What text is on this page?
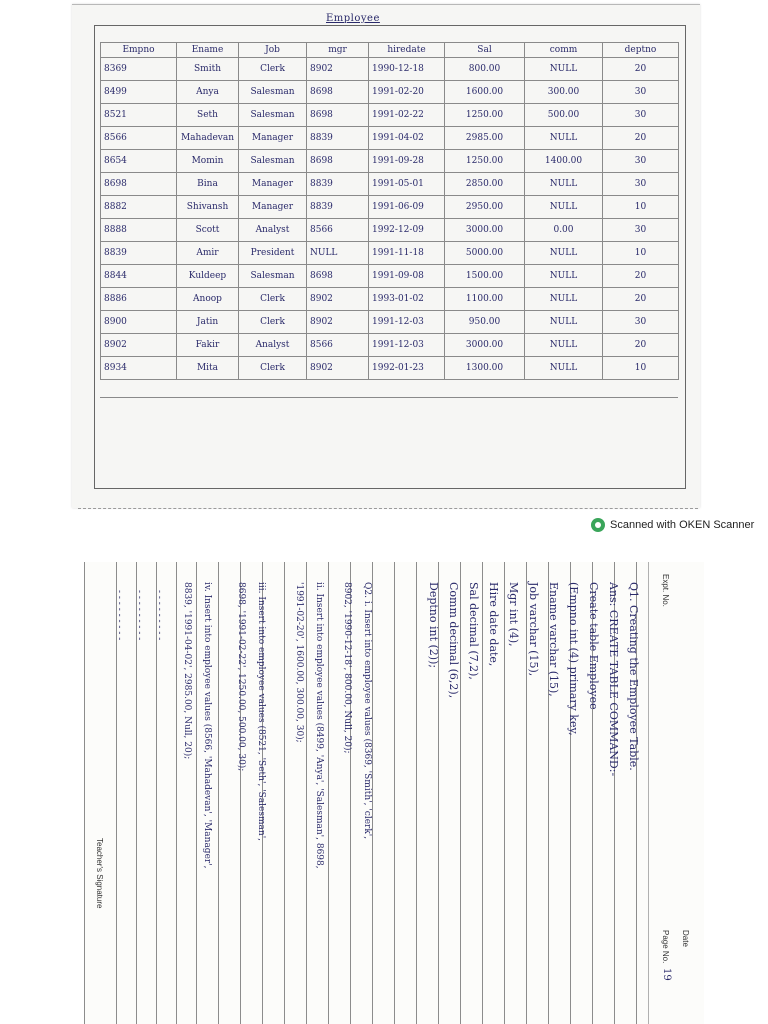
Employee
Empno	Ename	Job	mgr	hiredate	Sal	comm	deptno
8369	Smith	Clerk	8902	1990-12-18	800.00	NULL	20
8499	Anya	Salesman	8698	1991-02-20	1600.00	300.00	30
8521	Seth	Salesman	8698	1991-02-22	1250.00	500.00	30
8566	Mahadevan	Manager	8839	1991-04-02	2985.00	NULL	20
8654	Momin	Salesman	8698	1991-09-28	1250.00	1400.00	30
8698	Bina	Manager	8839	1991-05-01	2850.00	NULL	30
8882	Shivansh	Manager	8839	1991-06-09	2950.00	NULL	10
8888	Scott	Analyst	8566	1992-12-09	3000.00	0.00	30
8839	Amir	President	NULL	1991-11-18	5000.00	NULL	10
8844	Kuldeep	Salesman	8698	1991-09-08	1500.00	NULL	20
8886	Anoop	Clerk	8902	1993-01-02	1100.00	NULL	20
8900	Jatin	Clerk	8902	1991-12-03	950.00	NULL	30
8902	Fakir	Analyst	8566	1991-12-03	3000.00	NULL	20
8934	Mita	Clerk	8902	1992-01-23	1300.00	NULL	10
Scanned with OKEN Scanner
Expt. No.
Date
Page No.
19
Teacher's Signature
Q1. Creating the Employee Table.
Ans: CREATE TABLE COMMAND:-
Create table Employee
(Empno int (4) primary key,
Ename varchar (15),
Job varchar (15),
Mgr int (4),
Hire date date,
Sal decimal (7,2),
Comm decimal (6,2),
Deptno int (2));
Q2. i. Insert into employee values (8369, 'Smith', 'clerk',
8902, '1990-12-18', 800.00, Null, 20);
ii. Insert into employee values (8499, 'Anya', 'Salesman', 8698,
'1991-02-20', 1600.00, 300.00, 30);
iii. Insert into employee values (8521, 'Seth', 'Salesman',
8698, '1991-02-22', 1250.00, 500.00, 30);
iv. Insert into employee values (8566, 'Mahadevan', 'Manager',
8839, '1991-04-02', 2985.00, Null, 20);
- - - - - - - - -
- - - - - - - - -
- - - - - - - - -
